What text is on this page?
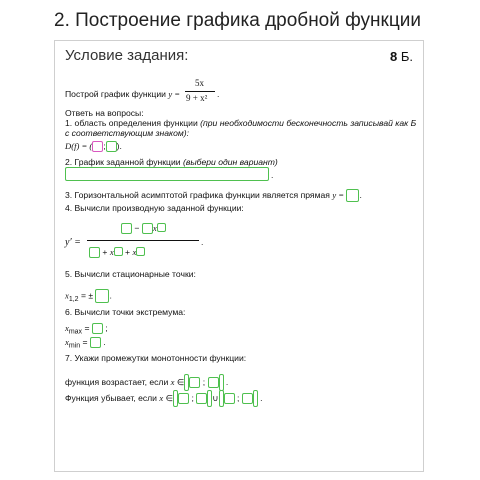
2. Построение графика дробной функции
Условие задания:	8 Б.
Построй график функции y =
5x
9 + x² .
Ответь на вопросы:
1. область определения функции (при необходимости бесконечность записывай как Б
с соответствующим знаком):
D(f) = ( ; ).
2. График заданной функции (выбери один вариант)
.
3. Горизонтальной асимптотой графика функции является прямая y = .
4. Вычисли производную заданной функции:
y′ =
− x
.
+ x + x
5. Вычисли стационарные точки:
$x_{1,2}$ = ± .
6. Вычисли точки экстремума:
$x_{max}$ = ;
$x_{min}$ = .
7. Укажи промежутки монотонности функции:
функция возрастает, если x ∈ ; .
Функция убывает, если x ∈ ; ∪ ; .
